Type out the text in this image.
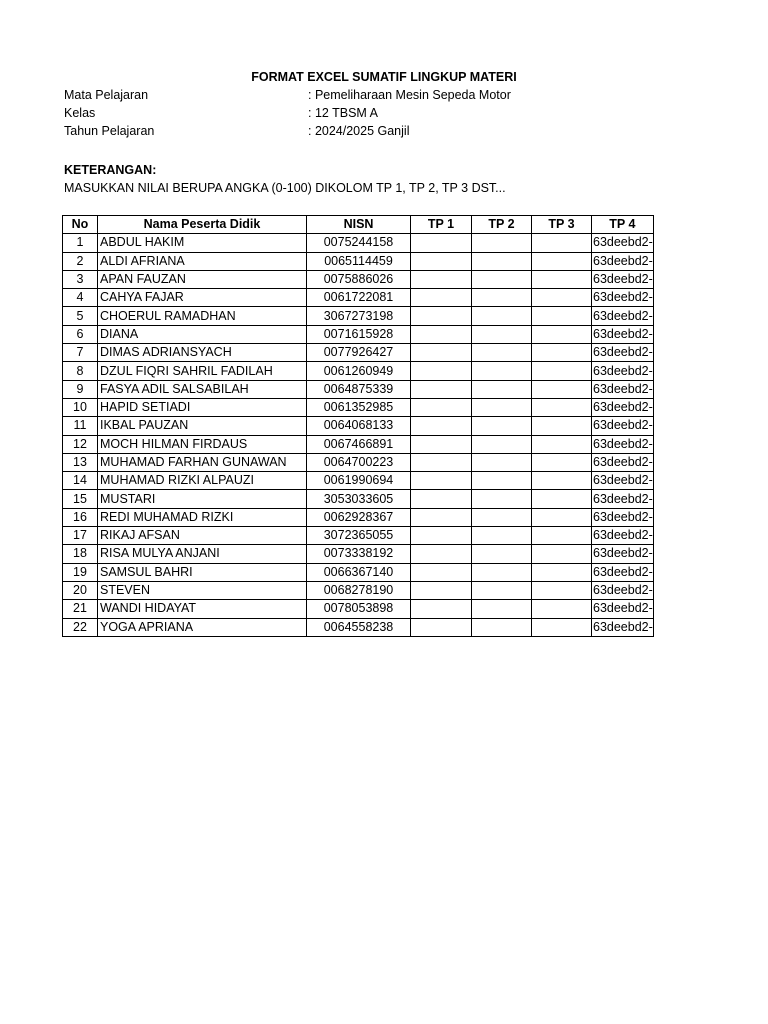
FORMAT EXCEL SUMATIF LINGKUP MATERI
Mata Pelajaran	: Pemeliharaan Mesin Sepeda Motor
Kelas	: 12 TBSM A
Tahun Pelajaran	: 2024/2025 Ganjil
KETERANGAN:
MASUKKAN NILAI BERUPA ANGKA (0-100) DIKOLOM TP 1, TP 2, TP 3 DST...
No	Nama Peserta Didik	NISN	TP 1	TP 2	TP 3	TP 4
1	ABDUL HAKIM	0075244158				63deebd2-
2	ALDI AFRIANA	0065114459				63deebd2-
3	APAN FAUZAN	0075886026				63deebd2-
4	CAHYA FAJAR	0061722081				63deebd2-
5	CHOERUL RAMADHAN	3067273198				63deebd2-
6	DIANA	0071615928				63deebd2-
7	DIMAS ADRIANSYACH	0077926427				63deebd2-
8	DZUL FIQRI SAHRIL FADILAH	0061260949				63deebd2-
9	FASYA ADIL SALSABILAH	0064875339				63deebd2-
10	HAPID SETIADI	0061352985				63deebd2-
11	IKBAL PAUZAN	0064068133				63deebd2-
12	MOCH HILMAN FIRDAUS	0067466891				63deebd2-
13	MUHAMAD FARHAN GUNAWAN	0064700223				63deebd2-
14	MUHAMAD RIZKI ALPAUZI	0061990694				63deebd2-
15	MUSTARI	3053033605				63deebd2-
16	REDI MUHAMAD RIZKI	0062928367				63deebd2-
17	RIKAJ AFSAN	3072365055				63deebd2-
18	RISA MULYA ANJANI	0073338192				63deebd2-
19	SAMSUL BAHRI	0066367140				63deebd2-
20	STEVEN	0068278190				63deebd2-
21	WANDI HIDAYAT	0078053898				63deebd2-
22	YOGA APRIANA	0064558238				63deebd2-
